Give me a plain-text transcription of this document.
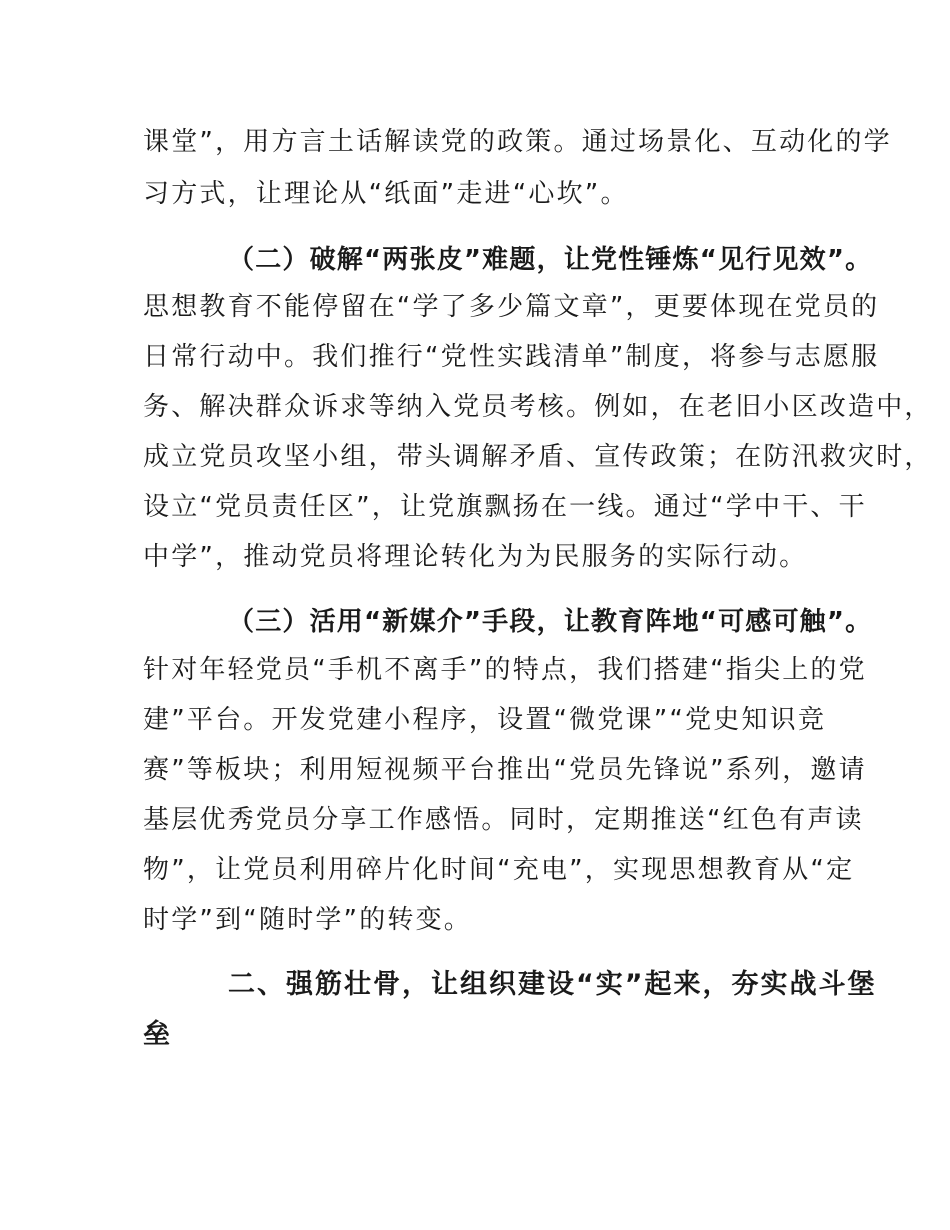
课堂”，用方言土话解读党的政策。通过场景化、互动化的学
习方式，让理论从“纸面”走进“心坎”。
（二）破解“两张皮”难题，让党性锤炼“见行见效”。
思想教育不能停留在“学了多少篇文章”，更要体现在党员的
日常行动中。我们推行“党性实践清单”制度，将参与志愿服
务、解决群众诉求等纳入党员考核。例如，在老旧小区改造中，
成立党员攻坚小组，带头调解矛盾、宣传政策；在防汛救灾时，
设立“党员责任区”，让党旗飘扬在一线。通过“学中干、干
中学”，推动党员将理论转化为为民服务的实际行动。
（三）活用“新媒介”手段，让教育阵地“可感可触”。
针对年轻党员“手机不离手”的特点，我们搭建“指尖上的党
建”平台。开发党建小程序，设置“微党课”“党史知识竞
赛”等板块；利用短视频平台推出“党员先锋说”系列，邀请
基层优秀党员分享工作感悟。同时，定期推送“红色有声读
物”，让党员利用碎片化时间“充电”，实现思想教育从“定
时学”到“随时学”的转变。
二、强筋壮骨，让组织建设“实”起来，夯实战斗堡
垒
